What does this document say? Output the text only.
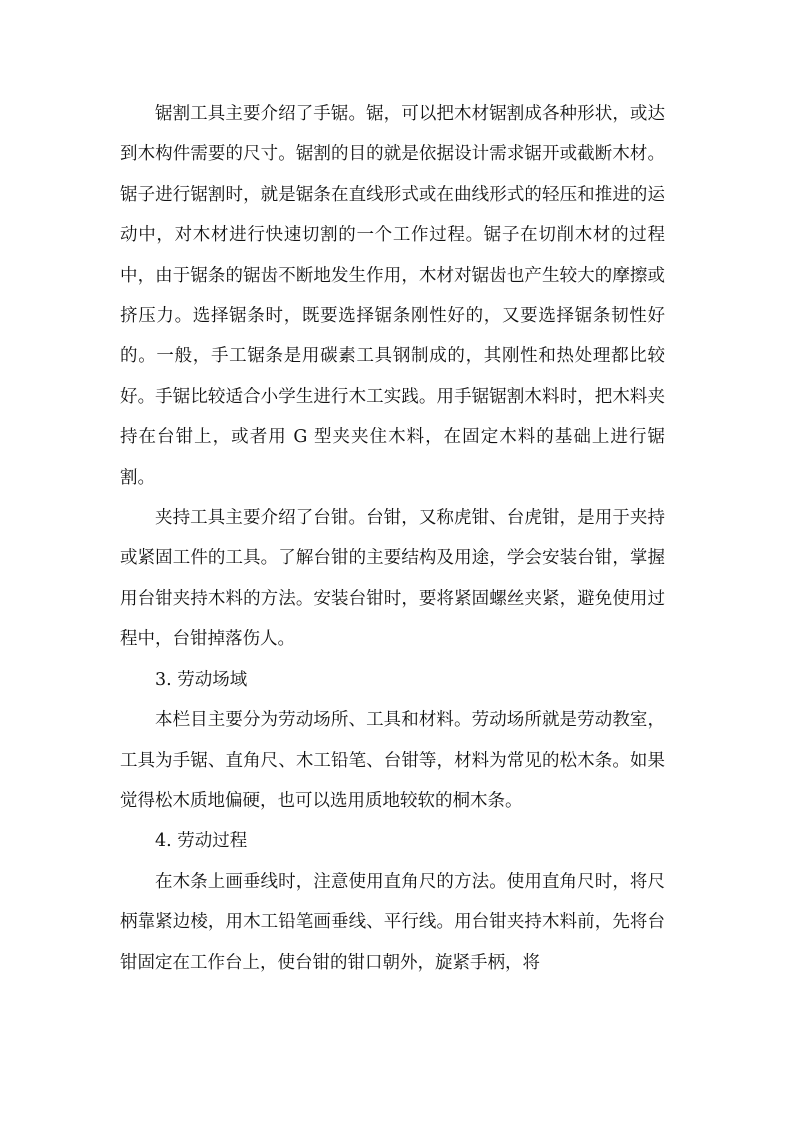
锯割工具主要介绍了手锯。锯，可以把木材锯割成各种形状，或达到木构件需要的尺寸。锯割的目的就是依据设计需求锯开或截断木材。锯子进行锯割时，就是锯条在直线形式或在曲线形式的轻压和推进的运动中，对木材进行快速切割的一个工作过程。锯子在切削木材的过程中，由于锯条的锯齿不断地发生作用，木材对锯齿也产生较大的摩擦或挤压力。选择锯条时，既要选择锯条刚性好的，又要选择锯条韧性好的。一般，手工锯条是用碳素工具钢制成的，其刚性和热处理都比较好。手锯比较适合小学生进行木工实践。用手锯锯割木料时，把木料夹持在台钳上，或者用 G 型夹夹住木料，在固定木料的基础上进行锯割。

夹持工具主要介绍了台钳。台钳，又称虎钳、台虎钳，是用于夹持或紧固工件的工具。了解台钳的主要结构及用途，学会安装台钳，掌握用台钳夹持木料的方法。安装台钳时，要将紧固螺丝夹紧，避免使用过程中，台钳掉落伤人。

3. 劳动场域

本栏目主要分为劳动场所、工具和材料。劳动场所就是劳动教室，工具为手锯、直角尺、木工铅笔、台钳等，材料为常见的松木条。如果觉得松木质地偏硬，也可以选用质地较软的桐木条。

4. 劳动过程

在木条上画垂线时，注意使用直角尺的方法。使用直角尺时，将尺柄靠紧边棱，用木工铅笔画垂线、平行线。用台钳夹持木料前，先将台钳固定在工作台上，使台钳的钳口朝外，旋紧手柄，将
